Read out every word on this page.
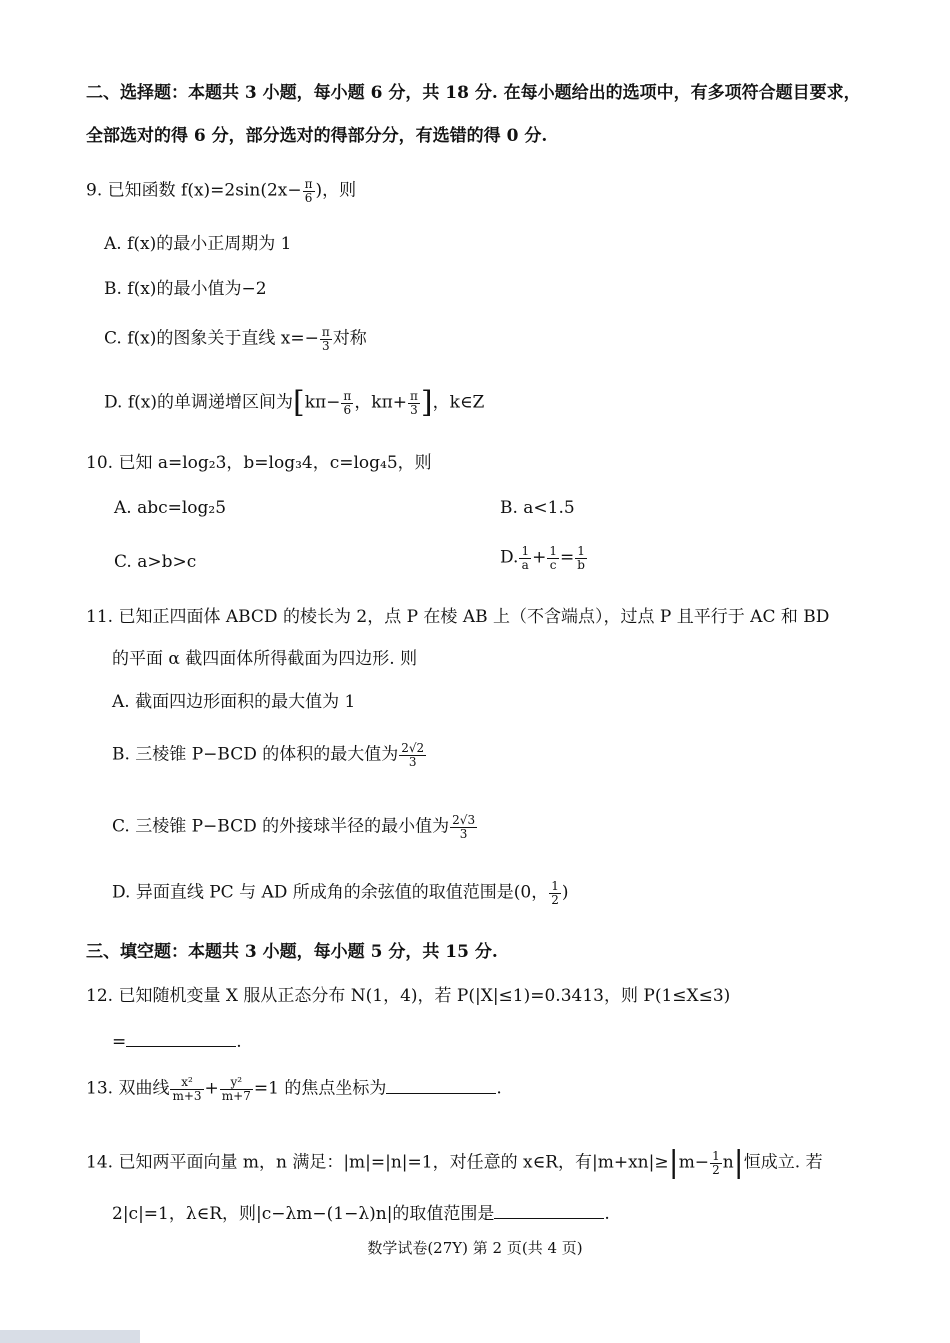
二、选择题：本题共 3 小题，每小题 6 分，共 18 分. 在每小题给出的选项中，有多项符合题目要求，
全部选对的得 6 分，部分选对的得部分分，有选错的得 0 分.
9. 已知函数 $f(x)=2\sin(2x- \frac{\pi}{6}$ )，则
A. f(x)的最小正周期为 1
B. f(x)的最小值为−2
C. f(x)的图象关于直线 $x=- \frac{\pi}{3}$ 对称
D. f(x)的单调递增区间为[$k\pi- \frac{\pi}{6}$ ，$k\pi+ \frac{\pi}{3}$ ]，k∈Z
10. 已知 a=log₂3，b=log₃4，c=log₄5，则
A. abc=log₂5	B. a<1.5
C. a>b>c	D. $\frac{1}{a} + \frac{1}{c} = \frac{1}{b}$
11. 已知正四面体 ABCD 的棱长为 2，点 P 在棱 AB 上（不含端点），过点 P 且平行于 AC 和 BD
的平面 α 截四面体所得截面为四边形. 则
A. 截面四边形面积的最大值为 1
B. 三棱锥 P−BCD 的体积的最大值为 $\frac{2√2}{3}$
C. 三棱锥 P−BCD 的外接球半径的最小值为 $\frac{2√3}{3}$
D. 异面直线 PC 与 AD 所成角的余弦值的取值范围是(0， $\frac{1}{2}$ )
三、填空题：本题共 3 小题，每小题 5 分，共 15 分.
12. 已知随机变量 X 服从正态分布 N(1，4)，若 P(|X|≤1)=0.3413，则 P(1≤X≤3)
=	.
13. 双曲线 $\frac{\text{x²}}{m+3} + \frac{\text{y²}}{m+7} =1$ 的焦点坐标为	.
14. 已知两平面向量 m，n 满足：|m|=|n|=1，对任意的 x∈R，有$|m+xn|\ge|m- \frac{1}{2} n|$恒成立. 若
2|c|=1，λ∈R，则|c−λm−(1−λ)n|的取值范围是	.
数学试卷(27Y) 第 2 页(共 4 页)
